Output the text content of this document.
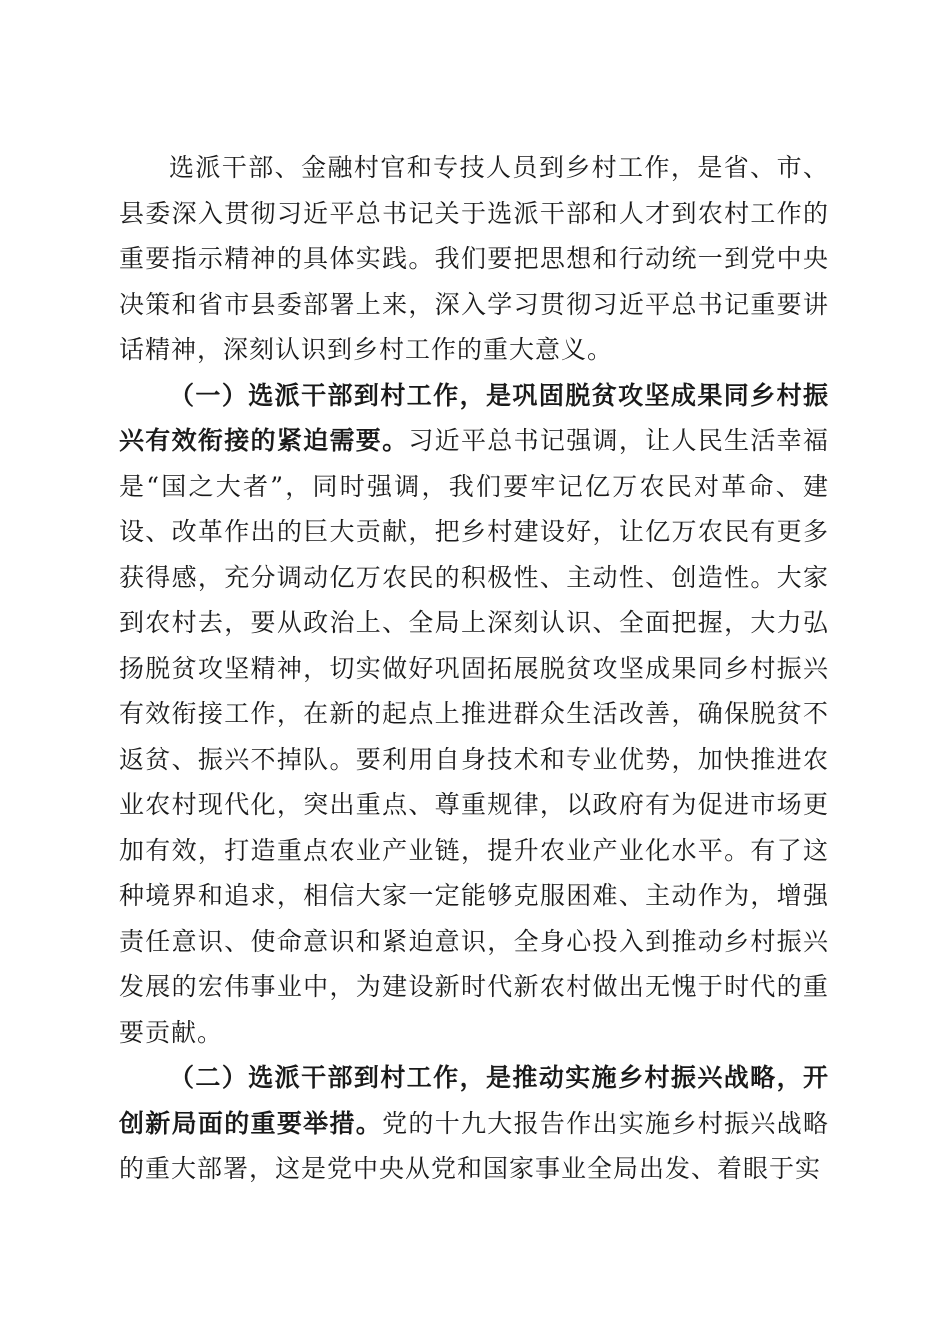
选派干部、金融村官和专技人员到乡村工作，是省、市、县委深入贯彻习近平总书记关于选派干部和人才到农村工作的重要指示精神的具体实践。我们要把思想和行动统一到党中央决策和省市县委部署上来，深入学习贯彻习近平总书记重要讲话精神，深刻认识到乡村工作的重大意义。

（一）选派干部到村工作，是巩固脱贫攻坚成果同乡村振兴有效衔接的紧迫需要。习近平总书记强调，让人民生活幸福是“国之大者”，同时强调，我们要牢记亿万农民对革命、建设、改革作出的巨大贡献，把乡村建设好，让亿万农民有更多获得感，充分调动亿万农民的积极性、主动性、创造性。大家到农村去，要从政治上、全局上深刻认识、全面把握，大力弘扬脱贫攻坚精神，切实做好巩固拓展脱贫攻坚成果同乡村振兴有效衔接工作，在新的起点上推进群众生活改善，确保脱贫不返贫、振兴不掉队。要利用自身技术和专业优势，加快推进农业农村现代化，突出重点、尊重规律，以政府有为促进市场更加有效，打造重点农业产业链，提升农业产业化水平。有了这种境界和追求，相信大家一定能够克服困难、主动作为，增强责任意识、使命意识和紧迫意识，全身心投入到推动乡村振兴发展的宏伟事业中，为建设新时代新农村做出无愧于时代的重要贡献。

（二）选派干部到村工作，是推动实施乡村振兴战略，开创新局面的重要举措。党的十九大报告作出实施乡村振兴战略的重大部署，这是党中央从党和国家事业全局出发、着眼于实
